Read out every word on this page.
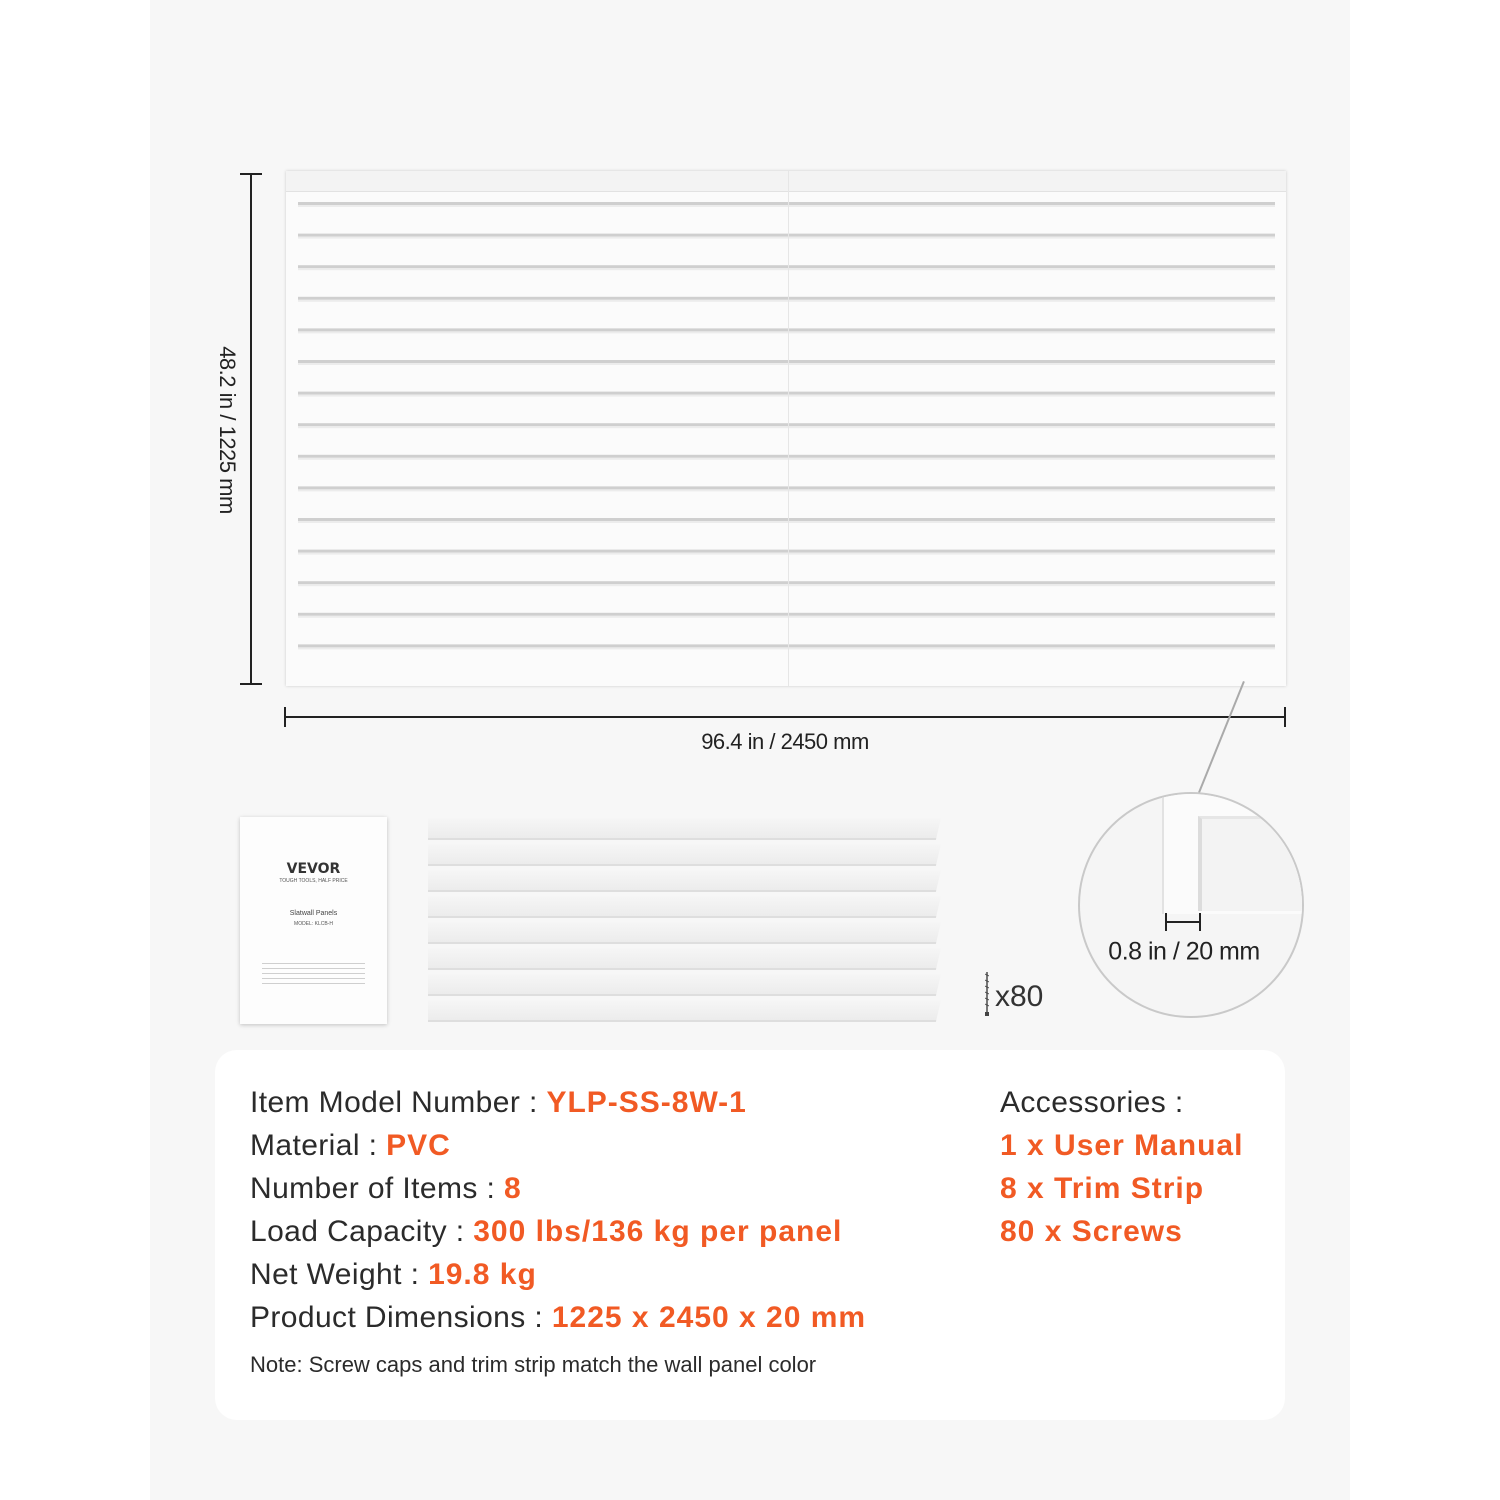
48.2 in / 1225 mm
96.4 in / 2450 mm
VEVOR
TOUGH TOOLS, HALF PRICE

Slatwall Panels
MODEL: KLCB-H
x80
0.8 in / 20 mm
Item Model Number : YLP-SS-8W-1
Material : PVC
Number of Items : 8
Load Capacity : 300 lbs/136 kg per panel
Net Weight : 19.8 kg
Product Dimensions : 1225 x 2450 x 20 mm
Accessories :
1 x User Manual
8 x Trim Strip
80 x Screws
Note: Screw caps and trim strip match the wall panel color
